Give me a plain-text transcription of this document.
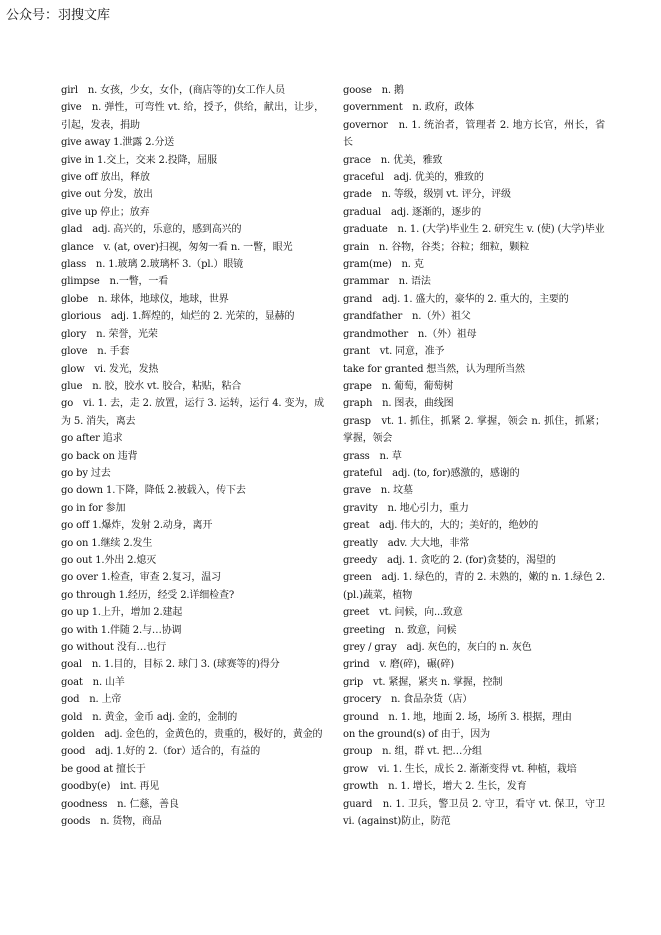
公众号：羽搜文库

girl　n. 女孩，少女，女仆，(商店等的)女工作人员

give　n. 弹性，可弯性 vt. 给，授予，供给，献出，让步，引起，发表，捐助

give away 1.泄露 2.分送

give in 1.交上，交来 2.投降，屈服

give off 放出，释放

give out 分发，放出

give up 停止；放弃

glad　adj. 高兴的，乐意的，感到高兴的

glance　v. (at, over)扫视，匆匆一看 n. 一瞥，眼光

glass　n. 1.玻璃 2.玻璃杯 3.（pl.）眼镜

glimpse　n.一瞥，一看

globe　n. 球体，地球仪，地球，世界

glorious　adj. 1.辉煌的，灿烂的 2. 光荣的，显赫的

glory　n. 荣誉，光荣

glove　n. 手套

glow　vi. 发光，发热

glue　n. 胶，胶水 vt. 胶合，粘贴，粘合

go　vi. 1. 去，走 2. 放置，运行 3. 运转，运行 4. 变为，成为 5. 消失，离去

go after 追求

go back on 违背

go by 过去

go down 1.下降，降低 2.被载入，传下去

go in for 参加

go off 1.爆炸，发射 2.动身，离开

go on 1.继续 2.发生

go out 1.外出 2.熄灭

go over 1.检查，审查 2.复习，温习

go through 1.经历，经受 2.详细检查?

go up 1.上升，增加 2.建起

go with 1.伴随 2.与…协调

go without 没有…也行

goal　n. 1.目的，目标 2. 球门 3. (球赛等的)得分

goat　n. 山羊

god　n. 上帝

gold　n. 黄金，金币 adj. 金的，金制的

golden　adj. 金色的，金黄色的，贵重的，极好的，黄金的

good　adj. 1.好的 2.（for）适合的，有益的

be good at 擅长于

goodby(e)　int. 再见

goodness　n. 仁慈，善良

goods　n. 货物，商品

goose　n. 鹅

government　n. 政府，政体

governor　n. 1. 统治者，管理者 2. 地方长官，州长，省长

grace　n. 优美，雅致

graceful　adj. 优美的，雅致的

grade　n. 等级，级别 vt. 评分，评级

gradual　adj. 逐渐的，逐步的

graduate　n. 1. (大学)毕业生 2. 研究生 v. (使) (大学)毕业

grain　n. 谷物，谷类；谷粒；细粒，颗粒

gram(me)　n. 克

grammar　n. 语法

grand　adj. 1. 盛大的，豪华的 2. 重大的，主要的

grandfather　n.（外）祖父

grandmother　n.（外）祖母

grant　vt. 同意，准予

take for granted 想当然，认为理所当然

grape　n. 葡萄，葡萄树

graph　n. 图表，曲线图

grasp　vt. 1. 抓住，抓紧 2. 掌握，领会 n. 抓住，抓紧；掌握，领会

grass　n. 草

grateful　adj. (to, for)感激的，感谢的

grave　n. 坟墓

gravity　n. 地心引力，重力

great　adj. 伟大的，大的；美好的，绝妙的

greatly　adv. 大大地，非常

greedy　adj. 1. 贪吃的 2. (for)贪婪的，渴望的

green　adj. 1. 绿色的，青的 2. 未熟的，嫩的 n. 1.绿色 2.(pl.)蔬菜，植物

greet　vt. 问候，向...致意

greeting　n. 致意，问候

grey / gray　adj. 灰色的，灰白的 n. 灰色

grind　v. 磨(碎)，碾(碎)

grip　vt. 紧握，紧夹 n. 掌握，控制

grocery　n. 食品杂货（店）

ground　n. 1. 地，地面 2. 场，场所 3. 根据，理由

on the ground(s) of 由于，因为

group　n. 组，群 vt. 把…分组

grow　vi. 1. 生长，成长 2. 渐渐变得 vt. 种植，栽培

growth　n. 1. 增长，增大 2. 生长，发育

guard　n. 1. 卫兵，警卫员 2. 守卫，看守 vt. 保卫，守卫 vi. (against)防止，防范
